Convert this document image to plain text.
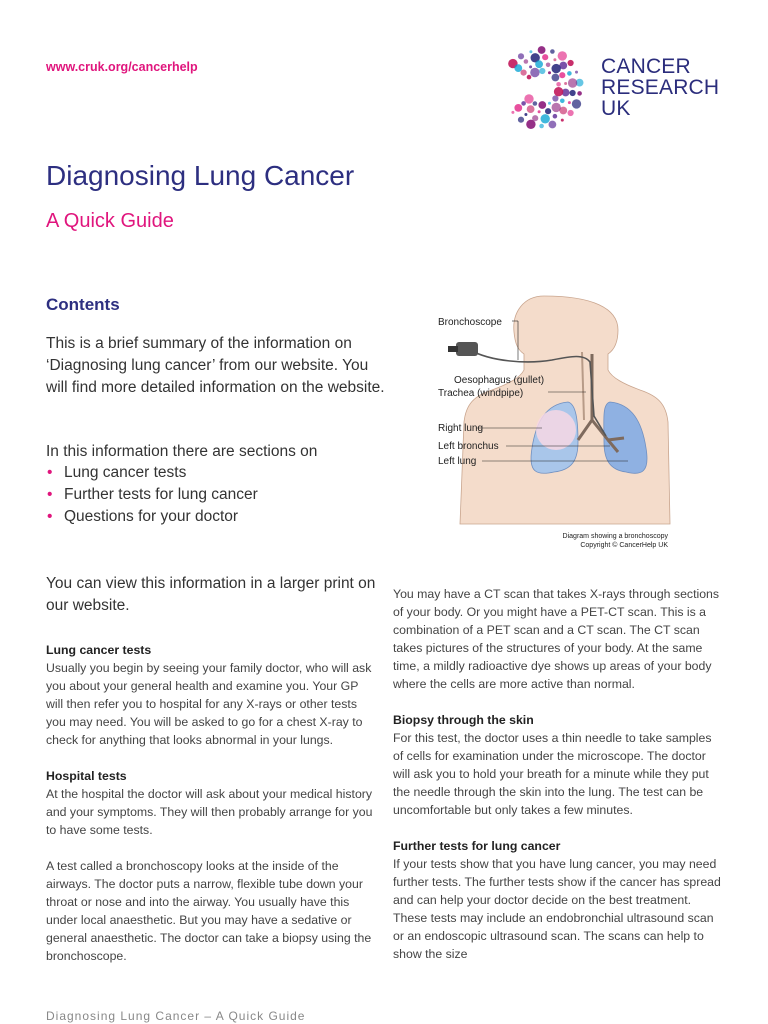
www.cruk.org/cancerhelp	CANCER
RESEARCH
UK
Diagnosing Lung Cancer
A Quick Guide
Contents
This is a brief summary of the information on ‘Diagnosing lung cancer’ from our website. You will find more detailed information on the website.
In this information there are sections on
• Lung cancer tests
• Further tests for lung cancer
• Questions for your doctor
You can view this information in a larger print on our website.
Bronchoscope
Oesophagus (gullet)
Trachea (windpipe)
Right lung
Left bronchus
Left lung
Diagram showing a bronchoscopy
Copyright © CancerHelp UK
Lung cancer tests

Usually you begin by seeing your family doctor, who will ask you about your general health and examine you. Your GP will then refer you to hospital for any X-rays or other tests you may need. You will be asked to go for a chest X-ray to check for anything that looks abnormal in your lungs.

Hospital tests

At the hospital the doctor will ask about your medical history and your symptoms. They will then probably arrange for you to have some tests.

A test called a bronchoscopy looks at the inside of the airways. The doctor puts a narrow, flexible tube down your throat or nose and into the airway. You usually have this under local anaesthetic. But you may have a sedative or general anaesthetic. The doctor can take a biopsy using the bronchoscope.

You may have a CT scan that takes X-rays through sections of your body. Or you might have a PET-CT scan. This is a combination of a PET scan and a CT scan. The CT scan takes pictures of the structures of your body. At the same time, a mildly radioactive dye shows up areas of your body where the cells are more active than normal.

Biopsy through the skin

For this test, the doctor uses a thin needle to take samples of cells for examination under the microscope. The doctor will ask you to hold your breath for a minute while they put the needle through the skin into the lung. The test can be uncomfortable but only takes a few minutes.

Further tests for lung cancer

If your tests show that you have lung cancer, you may need further tests. The further tests show if the cancer has spread and can help your doctor decide on the best treatment. These tests may include an endobronchial ultrasound scan or an endoscopic ultrasound scan. The scans can help to show the size

Diagnosing Lung Cancer – A Quick Guide
